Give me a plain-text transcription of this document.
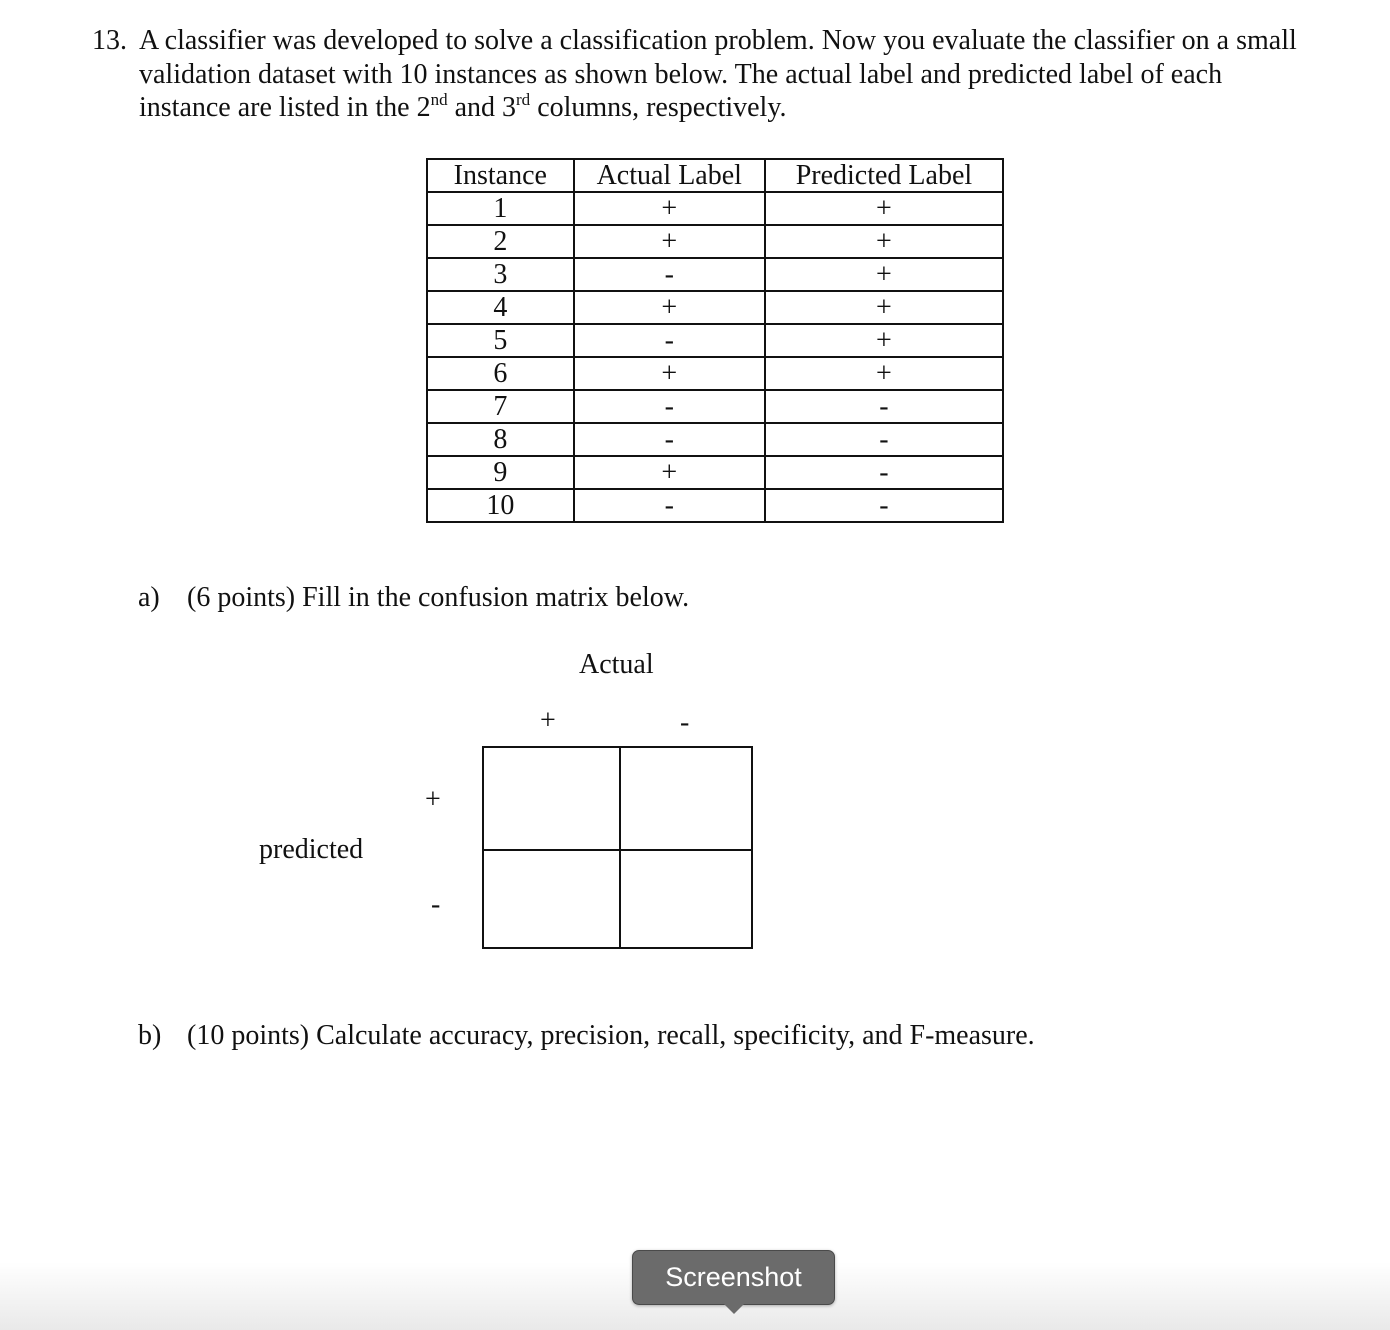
13. A classifier was developed to solve a classification problem. Now you evaluate the classifier on a small validation dataset with 10 instances as shown below. The actual label and predicted label of each instance are listed in the 2nd and 3rd columns, respectively.
Instance	Actual Label	Predicted Label
1	+	+
2	+	+
3	-	+
4	+	+
5	-	+
6	+	+
7	-	-
8	-	-
9	+	-
10	-	-
a) (6 points) Fill in the confusion matrix below.
Actual
+	-
+
-
predicted

b) (10 points) Calculate accuracy, precision, recall, specificity, and F-measure.
Screenshot
